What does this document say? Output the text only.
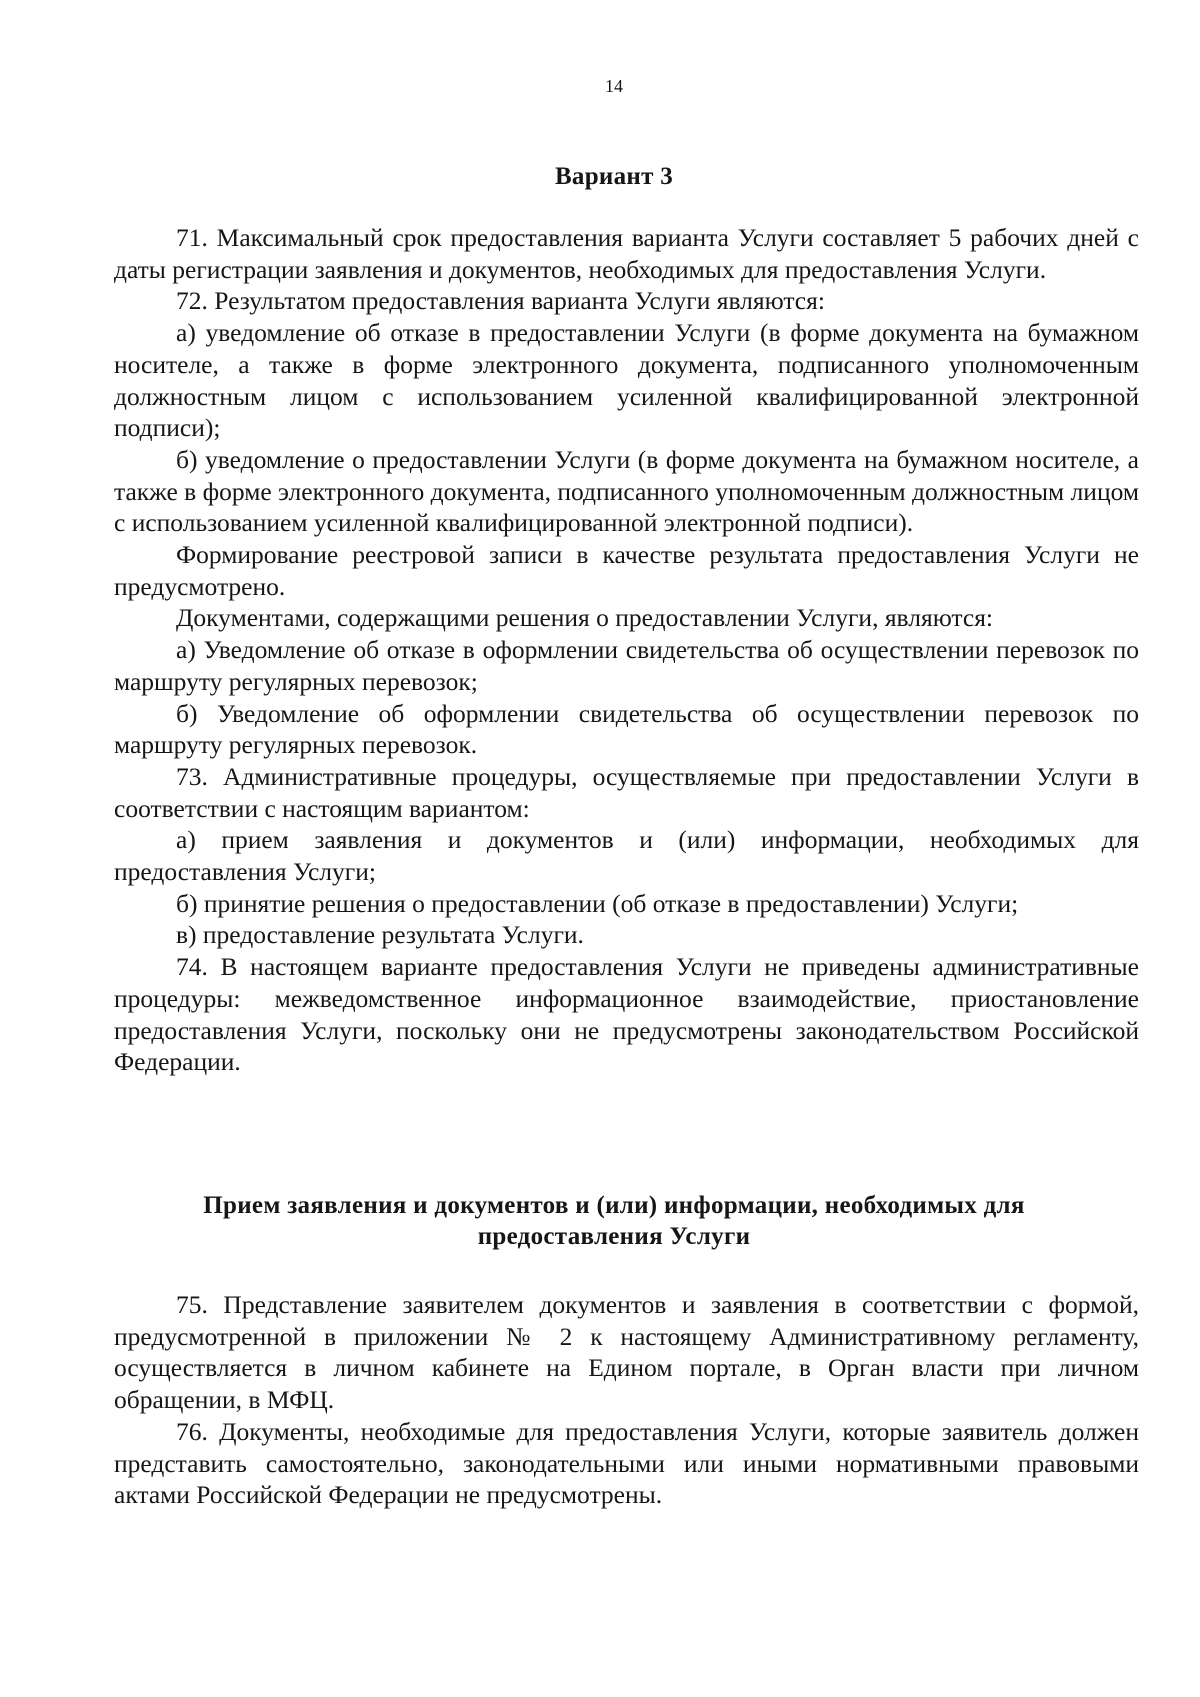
14
Вариант 3

71. Максимальный срок предоставления варианта Услуги составляет 5 рабочих дней с даты регистрации заявления и документов, необходимых для предоставления Услуги.

72. Результатом предоставления варианта Услуги являются:

а) уведомление об отказе в предоставлении Услуги (в форме документа на бумажном носителе, а также в форме электронного документа, подписанного уполномоченным должностным лицом с использованием усиленной квалифицированной электронной подписи);

б) уведомление о предоставлении Услуги (в форме документа на бумажном носителе, а также в форме электронного документа, подписанного уполномоченным должностным лицом с использованием усиленной квалифицированной электронной подписи).

Формирование реестровой записи в качестве результата предоставления Услуги не предусмотрено.

Документами, содержащими решения о предоставлении Услуги, являются:

а) Уведомление об отказе в оформлении свидетельства об осуществлении перевозок по маршруту регулярных перевозок;

б) Уведомление об оформлении свидетельства об осуществлении перевозок по маршруту регулярных перевозок.

73. Административные процедуры, осуществляемые при предоставлении Услуги в соответствии с настоящим вариантом:

а) прием заявления и документов и (или) информации, необходимых для предоставления Услуги;

б) принятие решения о предоставлении (об отказе в предоставлении) Услуги;

в) предоставление результата Услуги.

74. В настоящем варианте предоставления Услуги не приведены административные процедуры: межведомственное информационное взаимодействие, приостановление предоставления Услуги, поскольку они не предусмотрены законодательством Российской Федерации.

Прием заявления и документов и (или) информации, необходимых для
предоставления Услуги

75. Представление заявителем документов и заявления в соответствии с формой, предусмотренной в приложении № 2 к настоящему Административному регламенту, осуществляется в личном кабинете на Едином портале, в Орган власти при личном обращении, в МФЦ.

76. Документы, необходимые для предоставления Услуги, которые заявитель должен представить самостоятельно, законодательными или иными нормативными правовыми актами Российской Федерации не предусмотрены.
